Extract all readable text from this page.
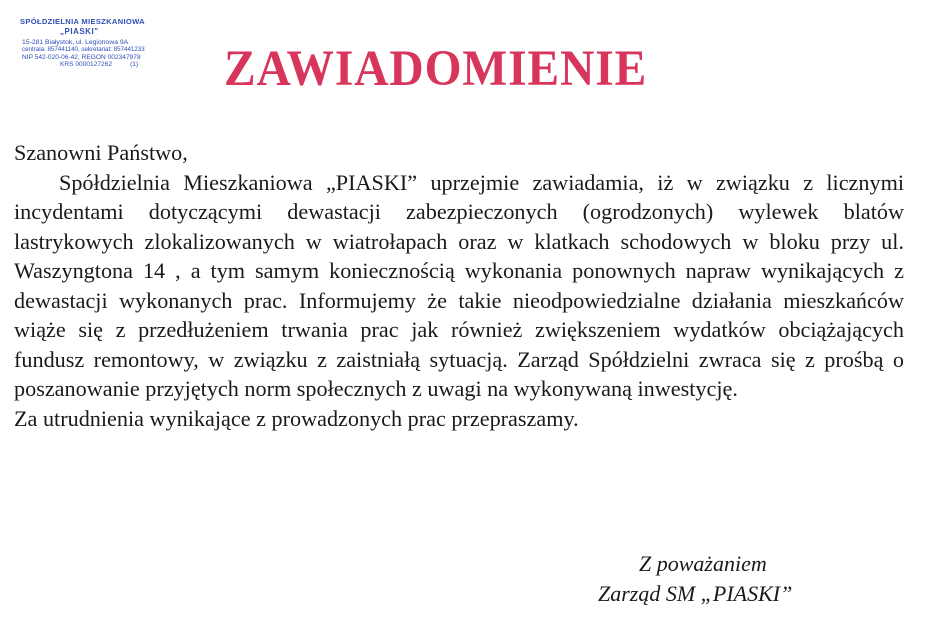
SPÓŁDZIELNIA MIESZKANIOWA
„PIASKI”
15-281 Białystok, ul. Legionowa 9A
centrala: 857441140, sekretariat: 857441233
NIP 542-020-06-42, REGON 002347978
KRS 0000127262	(1)	ZAWIADOMIENIE
Szanowni Państwo,
Spółdzielnia Mieszkaniowa „PIASKI” uprzejmie zawiadamia, iż w związku z licznymi incydentami dotyczącymi dewastacji zabezpieczonych (ogrodzonych) wylewek blatów lastrykowych zlokalizowanych w wiatrołapach oraz w klatkach schodowych w bloku przy ul. Waszyngtona 14 , a tym samym koniecznością wykonania ponownych napraw wynikających z dewastacji wykonanych prac. Informujemy że takie nieodpowiedzialne działania mieszkańców wiąże się z przedłużeniem trwania prac jak również zwiększeniem wydatków obciążających fundusz remontowy, w związku z zaistniałą sytuacją. Zarząd Spółdzielni zwraca się z prośbą o poszanowanie przyjętych norm społecznych z uwagi na wykonywaną inwestycję.
Za utrudnienia wynikające z prowadzonych prac przepraszamy.
Z poważaniem
Zarząd SM „PIASKI”
